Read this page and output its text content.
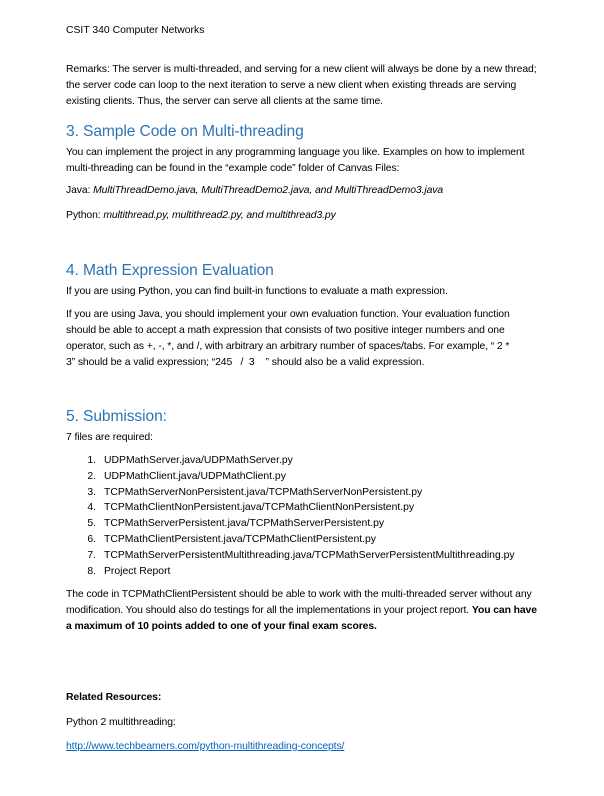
CSIT 340 Computer Networks
Remarks: The server is multi-threaded, and serving for a new client will always be done by a new thread;
the server code can loop to the next iteration to serve a new client when existing threads are serving
existing clients. Thus, the server can serve all clients at the same time.
3. Sample Code on Multi-threading
You can implement the project in any programming language you like. Examples on how to implement
multi-threading can be found in the “example code” folder of Canvas Files:
Java: MultiThreadDemo.java, MultiThreadDemo2.java, and MultiThreadDemo3.java
Python: multithread.py, multithread2.py, and multithread3.py
4. Math Expression Evaluation
If you are using Python, you can find built-in functions to evaluate a math expression.
If you are using Java, you should implement your own evaluation function. Your evaluation function
should be able to accept a math expression that consists of two positive integer numbers and one
operator, such as +, -, *, and /, with arbitrary an arbitrary number of spaces/tabs. For example, “ 2 *
3” should be a valid expression; “245   /  3    ” should also be a valid expression.
5. Submission:
7 files are required:
1. UDPMathServer.java/UDPMathServer.py
2. UDPMathClient.java/UDPMathClient.py
3. TCPMathServerNonPersistent.java/TCPMathServerNonPersistent.py
4. TCPMathClientNonPersistent.java/TCPMathClientNonPersistent.py
5. TCPMathServerPersistent.java/TCPMathServerPersistent.py
6. TCPMathClientPersistent.java/TCPMathClientPersistent.py
7. TCPMathServerPersistentMultithreading.java/TCPMathServerPersistentMultithreading.py
8. Project Report
The code in TCPMathClientPersistent should be able to work with the multi-threaded server without any
modification. You should also do testings for all the implementations in your project report. You can have
a maximum of 10 points added to one of your final exam scores.
Related Resources:
Python 2 multithreading:
http://www.techbeamers.com/python-multithreading-concepts/
